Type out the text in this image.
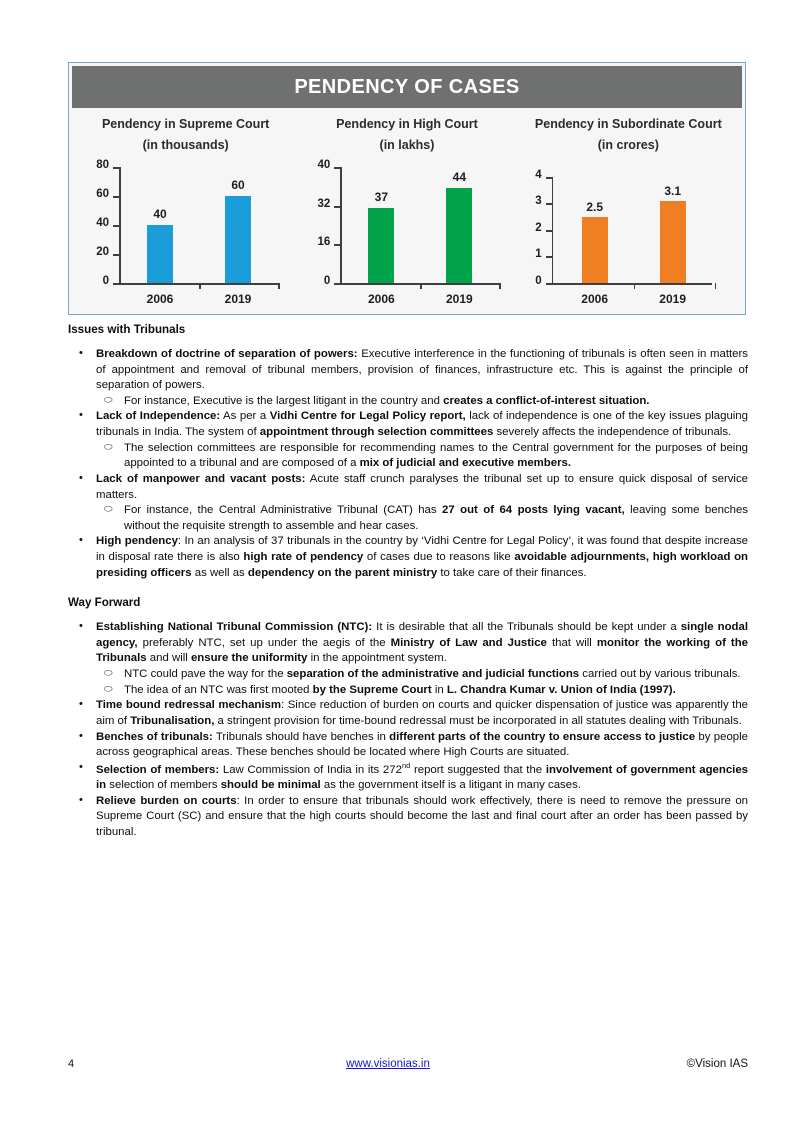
PENDENCY OF CASES
Pendency in Supreme Court
(in thousands)
0
20
40
60
80
40
60
2006	2019
Pendency in High Court
(in lakhs)
0
16
32
40
37
44
2006	2019
Pendency in Subordinate Court
(in crores)
0
1
2
3
4
2.5
3.1
2006	2019
Issues with Tribunals
• Breakdown of doctrine of separation of powers: Executive interference in the functioning of tribunals is often seen in matters of appointment and removal of tribunal members, provision of finances, infrastructure etc. This is against the principle of separation of powers.
⬭ For instance, Executive is the largest litigant in the country and creates a conflict-of-interest situation.
• Lack of Independence: As per a Vidhi Centre for Legal Policy report, lack of independence is one of the key issues plaguing tribunals in India. The system of appointment through selection committees severely affects the independence of tribunals.
⬭ The selection committees are responsible for recommending names to the Central government for the purposes of being appointed to a tribunal and are composed of a mix of judicial and executive members.
• Lack of manpower and vacant posts: Acute staff crunch paralyses the tribunal set up to ensure quick disposal of service matters.
⬭ For instance, the Central Administrative Tribunal (CAT) has 27 out of 64 posts lying vacant, leaving some benches without the requisite strength to assemble and hear cases.
• High pendency: In an analysis of 37 tribunals in the country by ‘Vidhi Centre for Legal Policy’, it was found that despite increase in disposal rate there is also high rate of pendency of cases due to reasons like avoidable adjournments, high workload on presiding officers as well as dependency on the parent ministry to take care of their finances.
Way Forward
• Establishing National Tribunal Commission (NTC): It is desirable that all the Tribunals should be kept under a single nodal agency, preferably NTC, set up under the aegis of the Ministry of Law and Justice that will monitor the working of the Tribunals and will ensure the uniformity in the appointment system.
⬭ NTC could pave the way for the separation of the administrative and judicial functions carried out by various tribunals.
⬭ The idea of an NTC was first mooted by the Supreme Court in L. Chandra Kumar v. Union of India (1997).
• Time bound redressal mechanism: Since reduction of burden on courts and quicker dispensation of justice was apparently the aim of Tribunalisation, a stringent provision for time-bound redressal must be incorporated in all statutes dealing with Tribunals.
• Benches of tribunals: Tribunals should have benches in different parts of the country to ensure access to justice by people across geographical areas. These benches should be located where High Courts are situated.
• Selection of members: Law Commission of India in its 272nd report suggested that the involvement of government agencies in selection of members should be minimal as the government itself is a litigant in many cases.
• Relieve burden on courts: In order to ensure that tribunals should work effectively, there is need to remove the pressure on Supreme Court (SC) and ensure that the high courts should become the last and final court after an order has been passed by tribunal.
4	www.visionias.in	©Vision IAS
